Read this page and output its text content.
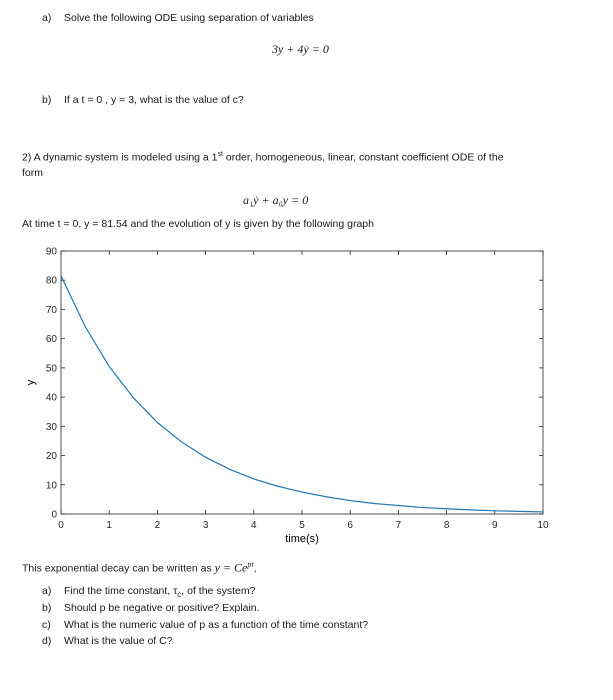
a) Solve the following ODE using separation of variables
3y + 4ẏ = 0
b) If a t = 0 , y = 3, what is the value of c?
2) A dynamic system is modeled using a 1st order, homogeneous, linear, constant coefficient ODE of the
form
a₁ẏ + a₀y = 0
At time t = 0, y = 81.54 and the evolution of y is given by the following graph
0	1	2	3	4	5	6	7	8	9	10
0
10
20
30
40
50
60
70
80
90
time(s)
y
This exponential decay can be written as $y = Ce^{pt}$,
a) Find the time constant, $\tau_c$, of the system?
b) Should p be negative or positive? Explain.
c) What is the numeric value of p as a function of the time constant?
d) What is the value of C?
